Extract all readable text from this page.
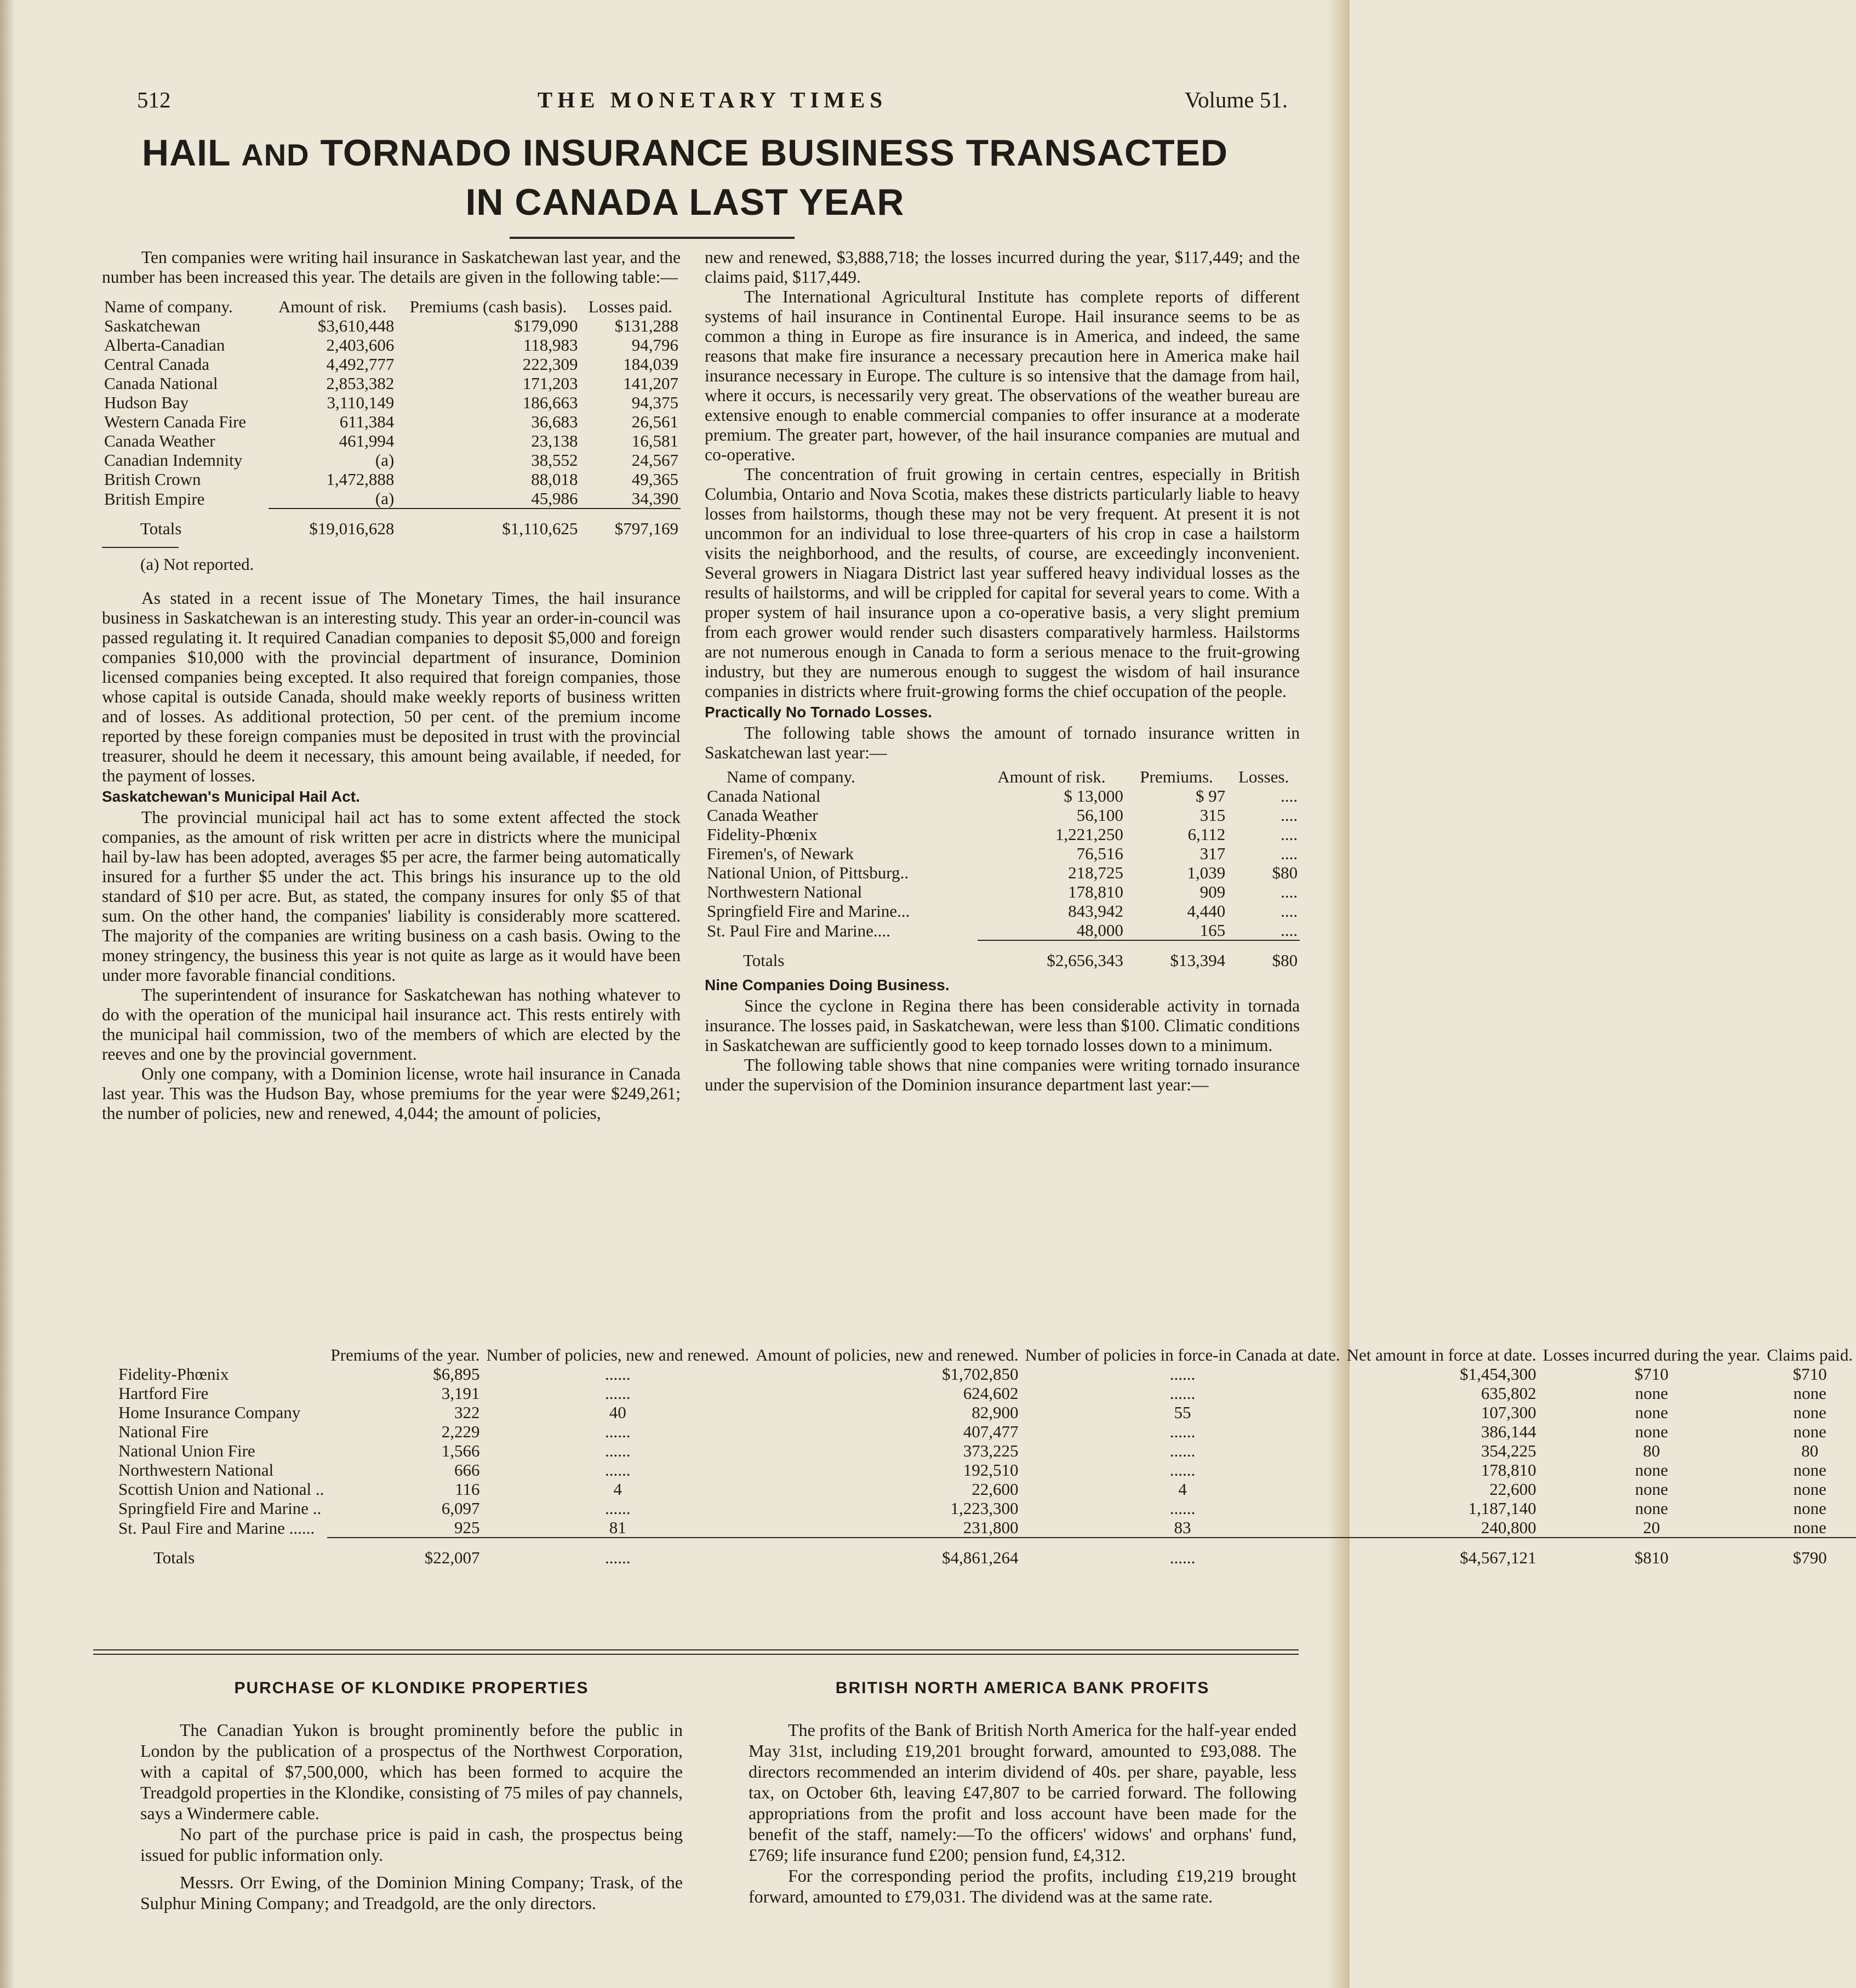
512	THE MONETARY TIMES	Volume 51.
HAIL AND TORNADO INSURANCE BUSINESS TRANSACTED
IN CANADA LAST YEAR

Ten companies were writing hail insurance in Saskatchewan last year, and the number has been increased this year. The details are given in the following table:—

Name of company.	Amount of risk.	Premiums (cash basis).	Losses paid.
Saskatchewan	$3,610,448	$179,090	$131,288
Alberta-Canadian	2,403,606	118,983	94,796
Central Canada	4,492,777	222,309	184,039
Canada National	2,853,382	171,203	141,207
Hudson Bay	3,110,149	186,663	94,375
Western Canada Fire	611,384	36,683	26,561
Canada Weather	461,994	23,138	16,581
Canadian Indemnity	(a)	38,552	24,567
British Crown	1,472,888	88,018	49,365
British Empire	(a)	45,986	34,390
Totals	$19,016,628	$1,110,625	$797,169
(a) Not reported.

As stated in a recent issue of The Monetary Times, the hail insurance business in Saskatchewan is an interesting study. This year an order-in-council was passed regulating it. It required Canadian companies to deposit $5,000 and foreign companies $10,000 with the provincial department of insurance, Dominion licensed companies being excepted. It also required that foreign companies, those whose capital is outside Canada, should make weekly reports of business written and of losses. As additional protection, 50 per cent. of the premium income reported by these foreign companies must be deposited in trust with the provincial treasurer, should he deem it necessary, this amount being available, if needed, for the payment of losses.

Saskatchewan's Municipal Hail Act.

The provincial municipal hail act has to some extent affected the stock companies, as the amount of risk written per acre in districts where the municipal hail by-law has been adopted, averages $5 per acre, the farmer being automatically insured for a further $5 under the act. This brings his insurance up to the old standard of $10 per acre. But, as stated, the company insures for only $5 of that sum. On the other hand, the companies' liability is considerably more scattered. The majority of the companies are writing business on a cash basis. Owing to the money stringency, the business this year is not quite as large as it would have been under more favorable financial conditions.

The superintendent of insurance for Saskatchewan has nothing whatever to do with the operation of the municipal hail insurance act. This rests entirely with the municipal hail commission, two of the members of which are elected by the reeves and one by the provincial government.

Only one company, with a Dominion license, wrote hail insurance in Canada last year. This was the Hudson Bay, whose premiums for the year were $249,261; the number of policies, new and renewed, 4,044; the amount of policies,

new and renewed, $3,888,718; the losses incurred during the year, $117,449; and the claims paid, $117,449.

The International Agricultural Institute has complete reports of different systems of hail insurance in Continental Europe. Hail insurance seems to be as common a thing in Europe as fire insurance is in America, and indeed, the same reasons that make fire insurance a necessary precaution here in America make hail insurance necessary in Europe. The culture is so intensive that the damage from hail, where it occurs, is necessarily very great. The observations of the weather bureau are extensive enough to enable commercial companies to offer insurance at a moderate premium. The greater part, however, of the hail insurance companies are mutual and co-operative.

The concentration of fruit growing in certain centres, especially in British Columbia, Ontario and Nova Scotia, makes these districts particularly liable to heavy losses from hailstorms, though these may not be very frequent. At present it is not uncommon for an individual to lose three-quarters of his crop in case a hailstorm visits the neighborhood, and the results, of course, are exceedingly inconvenient. Several growers in Niagara District last year suffered heavy individual losses as the results of hailstorms, and will be crippled for capital for several years to come. With a proper system of hail insurance upon a co-operative basis, a very slight premium from each grower would render such disasters comparatively harmless. Hailstorms are not numerous enough in Canada to form a serious menace to the fruit-growing industry, but they are numerous enough to suggest the wisdom of hail insurance companies in districts where fruit-growing forms the chief occupation of the people.

Practically No Tornado Losses.

The following table shows the amount of tornado insurance written in Saskatchewan last year:—

Name of company.	Amount of risk.	Premiums.	Losses.
Canada National	$ 13,000	$ 97	....
Canada Weather	56,100	315	....
Fidelity-Phœnix	1,221,250	6,112	....
Firemen's, of Newark	76,516	317	....
National Union, of Pittsburg..	218,725	1,039	$80
Northwestern National	178,810	909	....
Springfield Fire and Marine...	843,942	4,440	....
St. Paul Fire and Marine....	48,000	165	....
Totals	$2,656,343	$13,394	$80

Nine Companies Doing Business.

Since the cyclone in Regina there has been considerable activity in tornada insurance. The losses paid, in Saskatchewan, were less than $100. Climatic conditions in Saskatchewan are sufficiently good to keep tornado losses down to a minimum.

The following table shows that nine companies were writing tornado insurance under the supervision of the Dominion insurance department last year:—

	Premiums of the year.	Number of policies, new and renewed.	Amount of policies, new and renewed.	Number of policies in force-in Canada at date.	Net amount in force at date.	Losses incurred during the year.	Claims paid.
Fidelity-Phœnix	$6,895	......	$1,702,850	......	$1,454,300	$710	$710
Hartford Fire	3,191	......	624,602	......	635,802	none	none
Home Insurance Company	322	40	82,900	55	107,300	none	none
National Fire	2,229	......	407,477	......	386,144	none	none
National Union Fire	1,566	......	373,225	......	354,225	80	80
Northwestern National	666	......	192,510	......	178,810	none	none
Scottish Union and National ..	116	4	22,600	4	22,600	none	none
Springfield Fire and Marine ..	6,097	......	1,223,300	......	1,187,140	none	none
St. Paul Fire and Marine ......	925	81	231,800	83	240,800	20	none
Totals	$22,007	......	$4,861,264	......	$4,567,121	$810	$790

PURCHASE OF KLONDIKE PROPERTIES

The Canadian Yukon is brought prominently before the public in London by the publication of a prospectus of the Northwest Corporation, with a capital of $7,500,000, which has been formed to acquire the Treadgold properties in the Klondike, consisting of 75 miles of pay channels, says a Windermere cable.

No part of the purchase price is paid in cash, the prospectus being issued for public information only.

Messrs. Orr Ewing, of the Dominion Mining Company; Trask, of the Sulphur Mining Company; and Treadgold, are the only directors.

BRITISH NORTH AMERICA BANK PROFITS

The profits of the Bank of British North America for the half-year ended May 31st, including £19,201 brought forward, amounted to £93,088. The directors recommended an interim dividend of 40s. per share, payable, less tax, on October 6th, leaving £47,807 to be carried forward. The following appropriations from the profit and loss account have been made for the benefit of the staff, namely:—To the officers' widows' and orphans' fund, £769; life insurance fund £200; pension fund, £4,312.

For the corresponding period the profits, including £19,219 brought forward, amounted to £79,031. The dividend was at the same rate.
